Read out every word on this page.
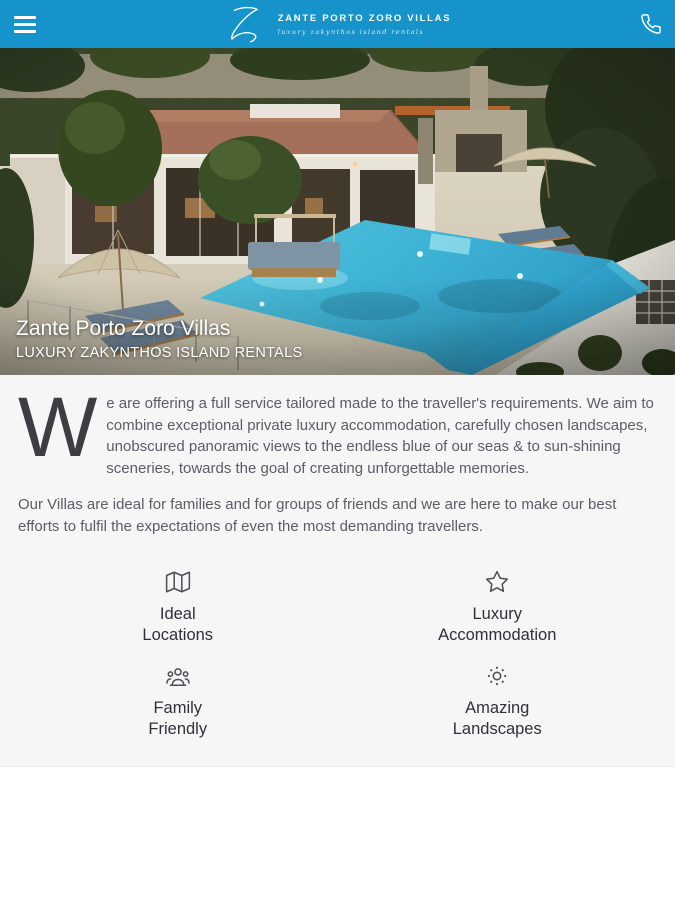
ZANTE PORTO ZORO VILLAS
luxury zakynthos island rentals
Zante Porto Zoro Villas
LUXURY ZAKYNTHOS ISLAND RENTALS

We are offering a full service tailored made to the traveller's requirements. We aim to combine exceptional private luxury accommodation, carefully chosen landscapes, unobscured panoramic views to the endless blue of our seas & to sun-shining sceneries, towards the goal of creating unforgettable memories.

Our Villas are ideal for families and for groups of friends and we are here to make our best efforts to fulfil the expectations of even the most demanding travellers.

Ideal
Locations
Luxury
Accommodation
Family
Friendly
Amazing
Landscapes
